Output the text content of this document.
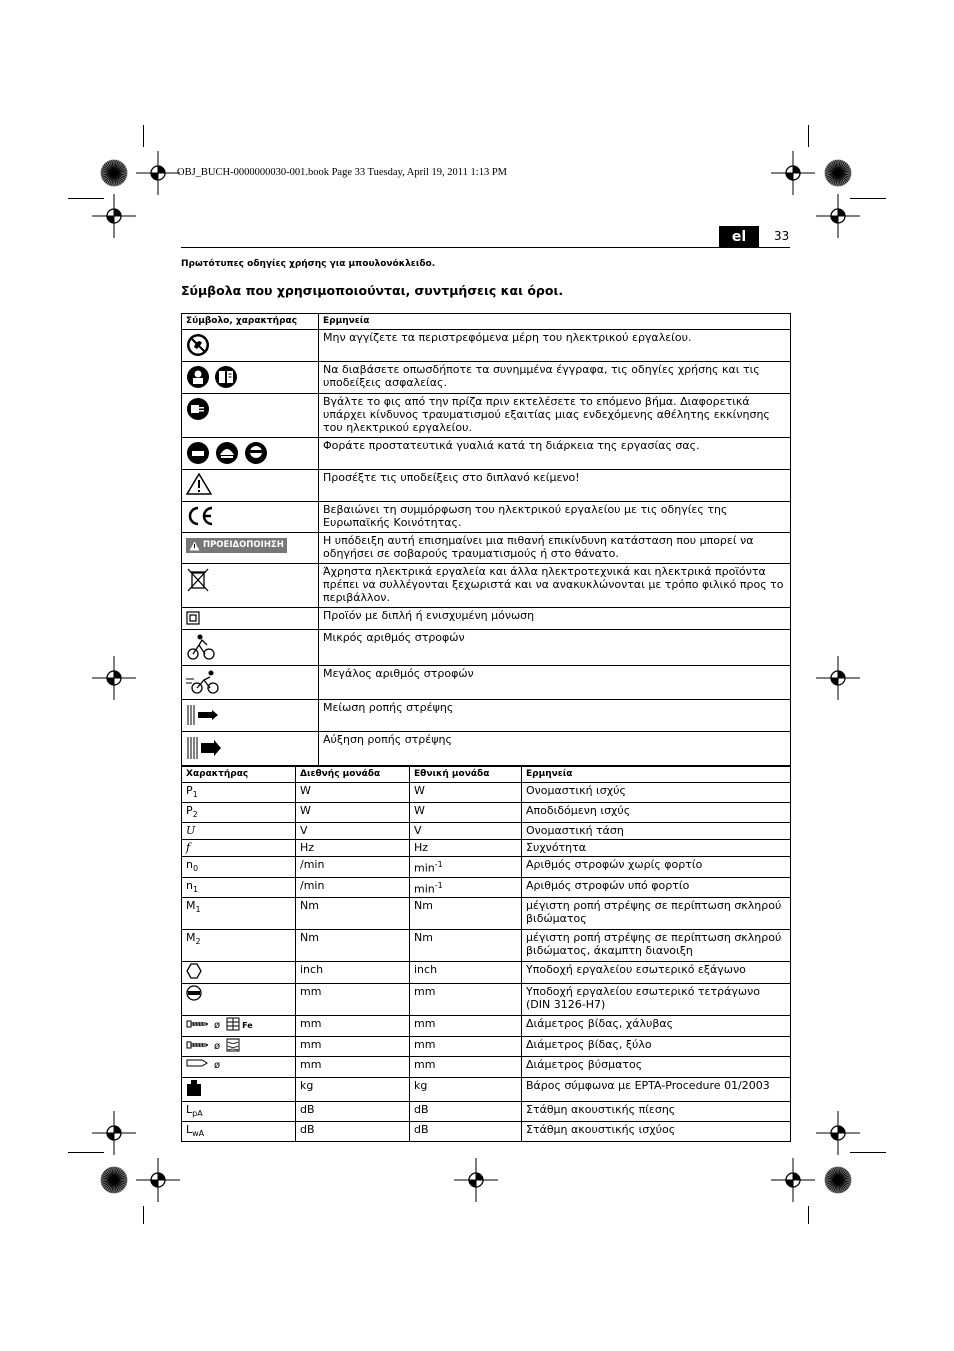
OBJ_BUCH-0000000030-001.book Page 33 Tuesday, April 19, 2011 1:13 PM
el	33
Πρωτότυπες οδηγίες χρήσης για μπουλονόκλειδο.
Σύμβολα που χρησιμοποιούνται, συντμήσεις και όροι.
Σύμβολο, χαρακτήρας	Ερμηνεία
	Μην αγγίζετε τα περιστρεφόμενα μέρη του ηλεκτρικού εργαλείου.
	Να διαβάσετε οπωσδήποτε τα συνημμένα έγγραφα, τις οδηγίες χρήσης και τις υποδείξεις ασφαλείας.
	Βγάλτε το φις από την πρίζα πριν εκτελέσετε το επόμενο βήμα. Διαφορετικά υπάρχει κίνδυνος τραυματισμού εξαιτίας μιας ενδεχόμενης αθέλητης εκκίνησης του ηλεκτρικού εργαλείου.
	Φοράτε προστατευτικά γυαλιά κατά τη διάρκεια της εργασίας σας.
	Προσέξτε τις υποδείξεις στο διπλανό κείμενο!
	Βεβαιώνει τη συμμόρφωση του ηλεκτρικού εργαλείου με τις οδηγίες της Ευρωπαϊκής Κοινότητας.

ΠΡΟΕΙΔΟΠΟΙΗΣΗ	Η υπόδειξη αυτή επισημαίνει μια πιθανή επικίνδυνη κατάσταση που μπορεί να οδηγήσει σε σοβαρούς τραυματισμούς ή στο θάνατο.
	Άχρηστα ηλεκτρικά εργαλεία και άλλα ηλεκτροτεχνικά και ηλεκτρικά προϊόντα πρέπει να συλλέγονται ξεχωριστά και να ανακυκλώνονται με τρόπο φιλικό προς το περιβάλλον.
	Προϊόν με διπλή ή ενισχυμένη μόνωση
	Μικρός αριθμός στροφών
	Μεγάλος αριθμός στροφών
	Μείωση ροπής στρέψης
	Αύξηση ροπής στρέψης
Χαρακτήρας	Διεθνής μονάδα	Εθνική μονάδα	Ερμηνεία
$P_1$	W	W	Ονομαστική ισχύς
$P_2$	W	W	Αποδιδόμενη ισχύς
U	V	V	Ονομαστική τάση
f	Hz	Hz	Συχνότητα
$n_0$	/min	$\min^{-1}$	Αριθμός στροφών χωρίς φορτίο
$n_1$	/min	$\min^{-1}$	Αριθμός στροφών υπό φορτίο
$M_1$	Nm	Nm	μέγιστη ροπή στρέψης σε περίπτωση σκληρού βιδώματος
$M_2$	Nm	Nm	μέγιστη ροπή στρέψης σε περίπτωση σκληρού βιδώματος, άκαμπτη διανοιξη
	inch	inch	Υποδοχή εργαλείου εσωτερικό εξάγωνο
	mm	mm	Υποδοχή εργαλείου εσωτερικό τετράγωνο (DIN 3126-H7)
ø Fe	mm	mm	Διάμετρος βίδας, χάλυβας
ø	mm	mm	Διάμετρος βίδας, ξύλο
ø	mm	mm	Διάμετρος βύσματος
	kg	kg	Βάρος σύμφωνα με EPTA-Procedure 01/2003
$L_{pA}$	dB	dB	Στάθμη ακουστικής πίεσης
$L_{wA}$	dB	dB	Στάθμη ακουστικής ισχύος
